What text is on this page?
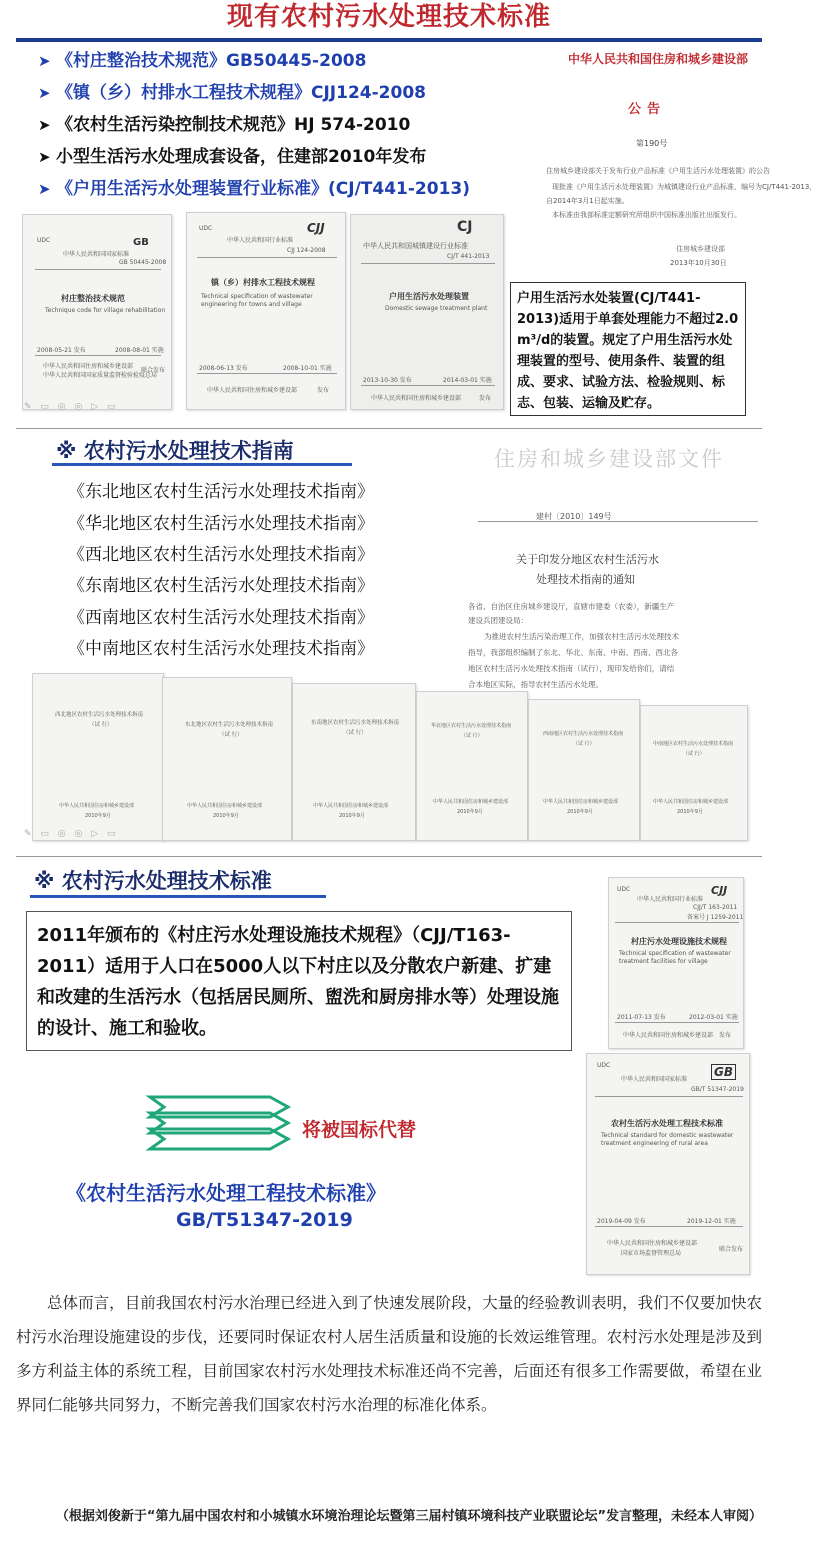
现有农村污水处理技术标准
➤ 《村庄整治技术规范》GB50445-2008
➤ 《镇（乡）村排水工程技术规程》CJJ124-2008
➤ 《农村生活污染控制技术规范》HJ 574-2010
➤ 小型生活污水处理成套设备，住建部2010年发布
➤ 《户用生活污水处理装置行业标准》(CJ/T441-2013)
中华人民共和国住房和城乡建设部
公告
第190号
住房城乡建设部关于发布行业产品标准《户用生活污水处理装置》的公告
现批准《户用生活污水处理装置》为城镇建设行业产品标准，编号为CJ/T441-2013，
自2014年3月1日起实施。
本标准由我部标准定额研究所组织中国标准出版社出版发行。
住房城乡建设部
2013年10月30日
UDC
中华人民共和国国家标准
GB
GB 50445-2008
村庄整治技术规范
Technique code for village rehabilitation
2008-05-21 发布	2008-08-01 实施
中华人民共和国住房和城乡建设部
中华人民共和国国家质量监督检验检疫总局
联合发布
✎ ▭ ◎ ◎ ▷ ▭
UDC
中华人民共和国行业标准
CJJ
CJJ 124-2008
镇（乡）村排水工程技术规程
Technical specification of wastewater engineering for towns and village
2008-06-13 发布	2008-10-01 实施
中华人民共和国住房和城乡建设部	发布
CJ
中华人民共和国城镇建设行业标准
CJ/T 441-2013
户用生活污水处理装置
Domestic sewage treatment plant
2013-10-30 发布	2014-03-01 实施
中华人民共和国住房和城乡建设部	发布
户用生活污水处装置(CJ/T441-2013)适用于单套处理能力不超过2.0 m³/d的装置。规定了户用生活污水处理装置的型号、使用条件、装置的组成、要求、试验方法、检验规则、标志、包装、运输及贮存。
※ 农村污水处理技术指南
《东北地区农村生活污水处理技术指南》
《华北地区农村生活污水处理技术指南》
《西北地区农村生活污水处理技术指南》
《东南地区农村生活污水处理技术指南》
《西南地区农村生活污水处理技术指南》
《中南地区农村生活污水处理技术指南》
住房和城乡建设部文件
建村〔2010〕149号
关于印发分地区农村生活污水
处理技术指南的通知
各省、自治区住房城乡建设厅，直辖市建委（农委），新疆生产
建设兵团建设局：
为推进农村生活污染治理工作，加强农村生活污水处理技术
指导，我部组织编制了东北、华北、东南、中南、西南、西北各
地区农村生活污水处理技术指南（试行），现印发给你们，请结
合本地区实际，指导农村生活污水处理。
西北地区农村生活污水处理技术指南
（试 行）
中华人民共和国住房和城乡建设部
2010年9月
东北地区农村生活污水处理技术指南
（试 行）
中华人民共和国住房和城乡建设部
2010年9月
东南地区农村生活污水处理技术指南
（试 行）
中华人民共和国住房和城乡建设部
2010年9月
华北地区农村生活污水处理技术指南
（试 行）
中华人民共和国住房和城乡建设部
2010年9月
西南地区农村生活污水处理技术指南
（试 行）
中华人民共和国住房和城乡建设部
2010年9月
中南地区农村生活污水处理技术指南
（试 行）
中华人民共和国住房和城乡建设部
2010年9月
✎ ▭ ◎ ◎ ▷ ▭
※ 农村污水处理技术标准
2011年颁布的《村庄污水处理设施技术规程》（CJJ/T163-2011）适用于人口在5000人以下村庄以及分散农户新建、扩建和改建的生活污水（包括居民厕所、盥洗和厨房排水等）处理设施的设计、施工和验收。
将被国标代替
《农村生活污水处理工程技术标准》
GB/T51347-2019
UDC
中华人民共和国行业标准
CJJ
CJJ/T 163-2011
备案号 J 1259-2011
村庄污水处理设施技术规程
Technical specification of wastewater treatment facilities for village
2011-07-13 发布	2012-03-01 实施
中华人民共和国住房和城乡建设部 发布
UDC
中华人民共和国国家标准
GB
GB/T 51347-2019
农村生活污水处理工程技术标准
Technical standard for domestic wastewater treatment engineering of rural area
2019-04-09 发布	2019-12-01 实施
中华人民共和国住房和城乡建设部
国家市场监督管理总局
联合发布
总体而言，目前我国农村污水治理已经进入到了快速发展阶段，大量的经验教训表明，我们不仅要加快农村污水治理设施建设的步伐，还要同时保证农村人居生活质量和设施的长效运维管理。农村污水处理是涉及到多方利益主体的系统工程，目前国家农村污水处理技术标准还尚不完善，后面还有很多工作需要做，希望在业界同仁能够共同努力，不断完善我们国家农村污水治理的标准化体系。
（根据刘俊新于“第九届中国农村和小城镇水环境治理论坛暨第三届村镇环境科技产业联盟论坛”发言整理，未经本人审阅）
